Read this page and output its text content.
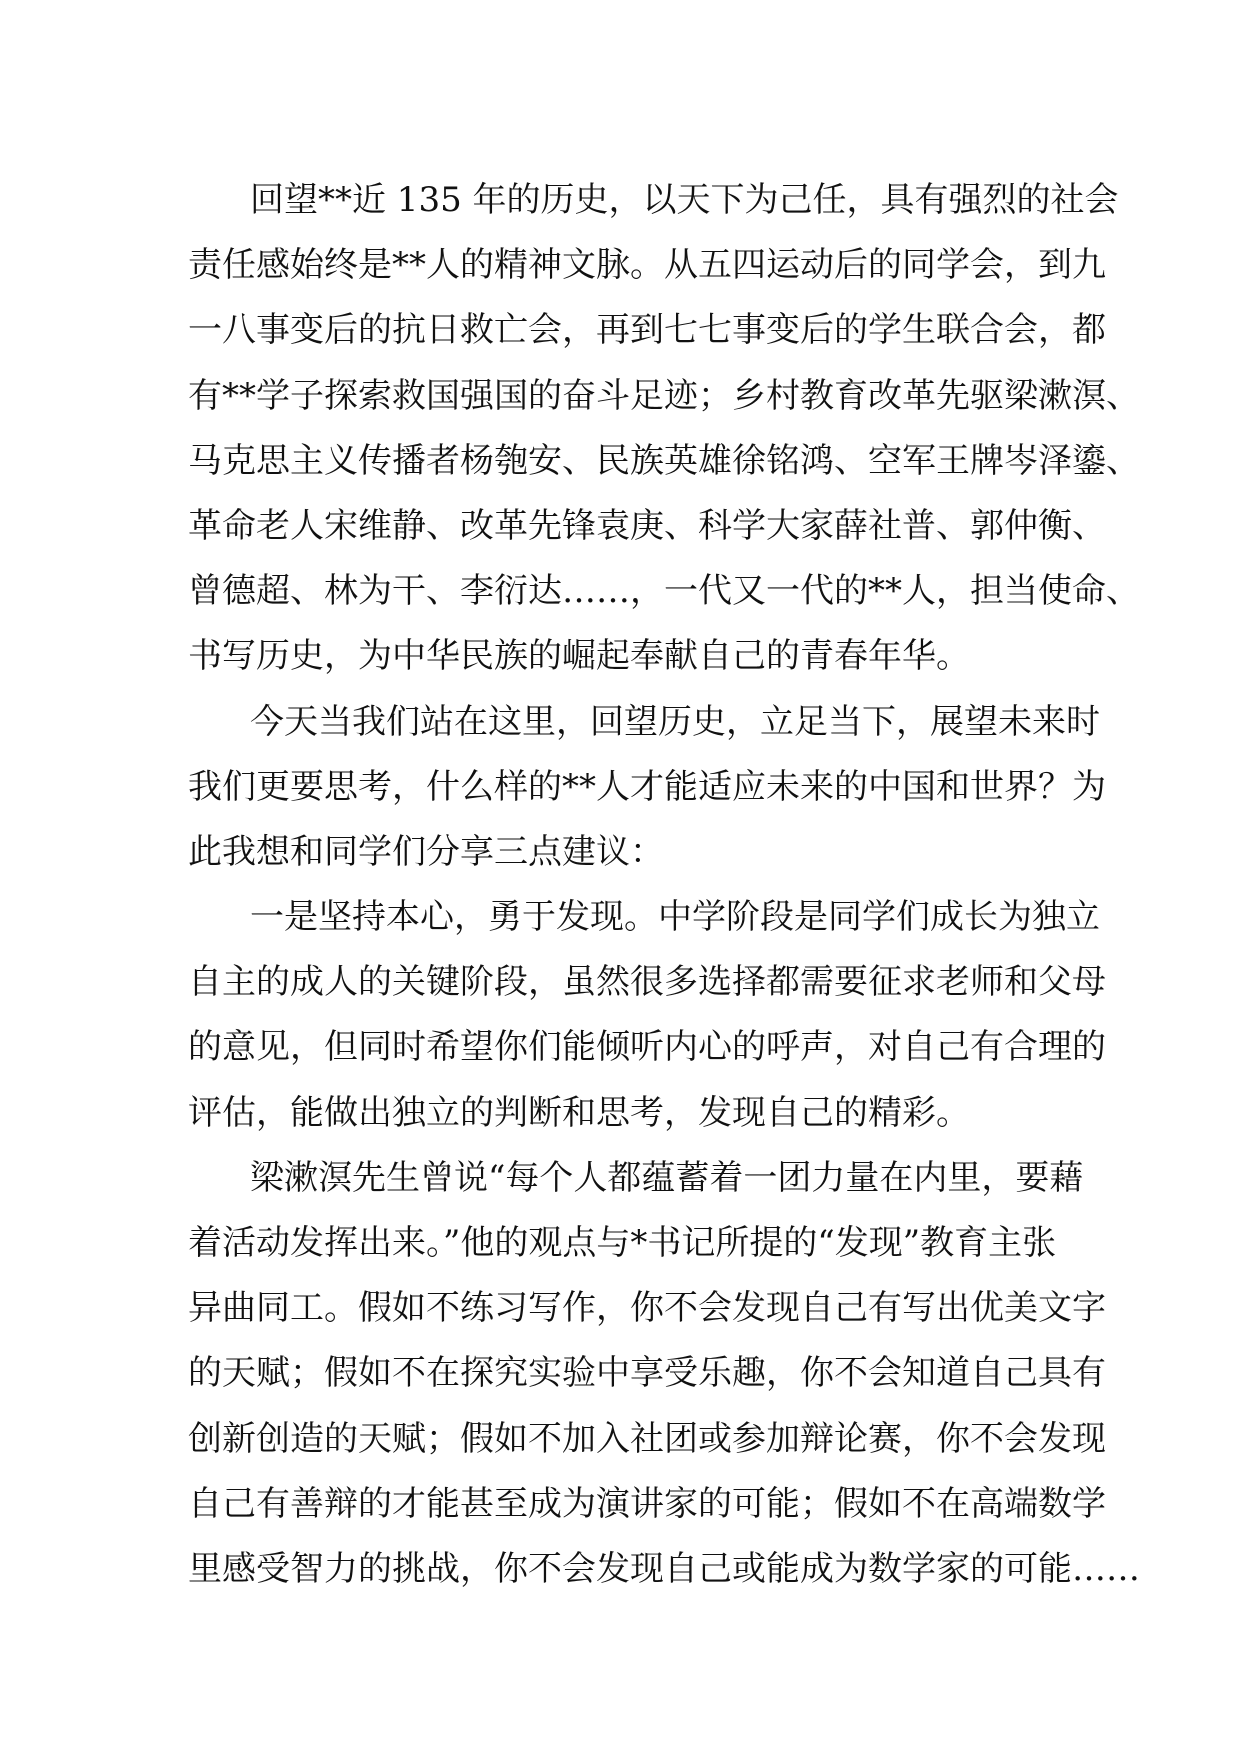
回望**近 135 年的历史，以天下为己任，具有强烈的社会
责任感始终是**人的精神文脉。从五四运动后的同学会，到九
一八事变后的抗日救亡会，再到七七事变后的学生联合会，都
有**学子探索救国强国的奋斗足迹；乡村教育改革先驱梁漱溟、
马克思主义传播者杨匏安、民族英雄徐铭鸿、空军王牌岑泽鎏、
革命老人宋维静、改革先锋袁庚、科学大家薛社普、郭仲衡、
曾德超、林为干、李衍达……，一代又一代的**人，担当使命、
书写历史，为中华民族的崛起奉献自己的青春年华。

今天当我们站在这里，回望历史，立足当下，展望未来时
我们更要思考，什么样的**人才能适应未来的中国和世界？为
此我想和同学们分享三点建议：

一是坚持本心，勇于发现。中学阶段是同学们成长为独立
自主的成人的关键阶段，虽然很多选择都需要征求老师和父母
的意见，但同时希望你们能倾听内心的呼声，对自己有合理的
评估，能做出独立的判断和思考，发现自己的精彩。

梁漱溟先生曾说“每个人都蕴蓄着一团力量在内里，要藉
着活动发挥出来。”他的观点与*书记所提的“发现”教育主张
异曲同工。假如不练习写作，你不会发现自己有写出优美文字
的天赋；假如不在探究实验中享受乐趣，你不会知道自己具有
创新创造的天赋；假如不加入社团或参加辩论赛，你不会发现
自己有善辩的才能甚至成为演讲家的可能；假如不在高端数学
里感受智力的挑战，你不会发现自己或能成为数学家的可能……
